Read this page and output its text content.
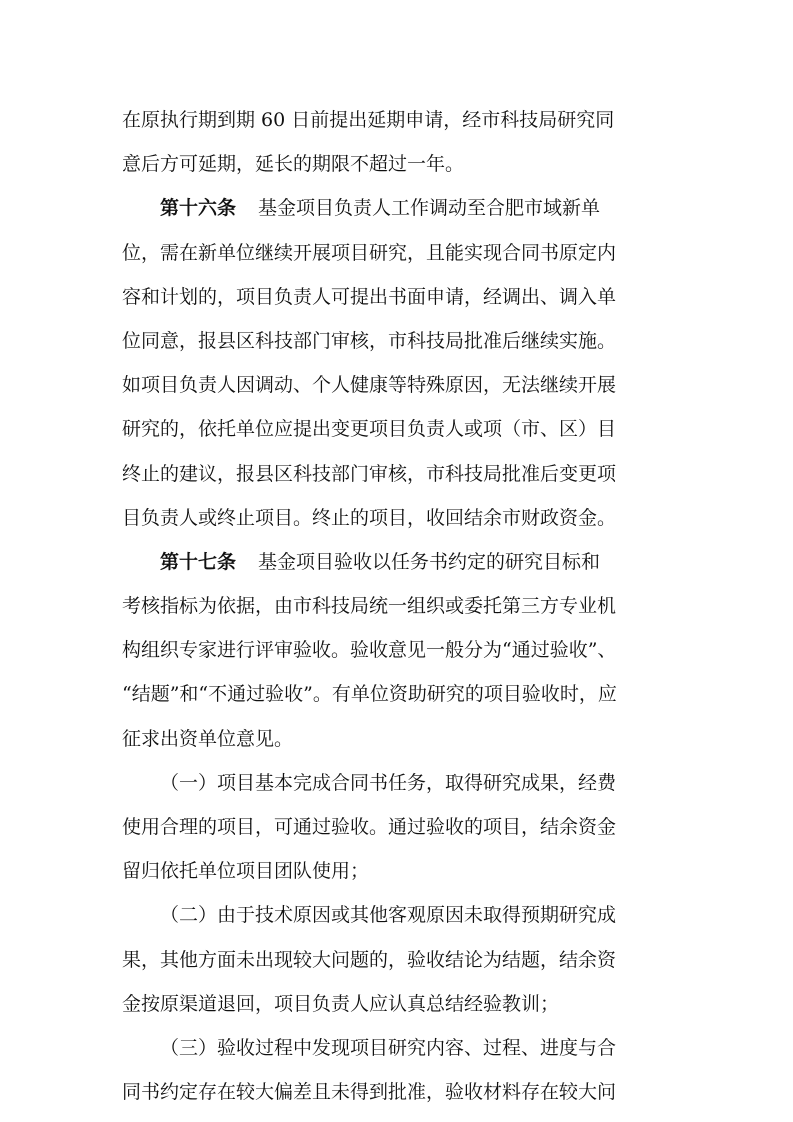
在原执行期到期 60 日前提出延期申请，经市科技局研究同
意后方可延期，延长的期限不超过一年。
第十六条 基金项目负责人工作调动至合肥市域新单
位，需在新单位继续开展项目研究，且能实现合同书原定内
容和计划的，项目负责人可提出书面申请，经调出、调入单
位同意，报县区科技部门审核，市科技局批准后继续实施。
如项目负责人因调动、个人健康等特殊原因，无法继续开展
研究的，依托单位应提出变更项目负责人或项（市、区）目
终止的建议，报县区科技部门审核，市科技局批准后变更项
目负责人或终止项目。终止的项目，收回结余市财政资金。
第十七条 基金项目验收以任务书约定的研究目标和
考核指标为依据，由市科技局统一组织或委托第三方专业机
构组织专家进行评审验收。验收意见一般分为“通过验收”、
“结题”和“不通过验收”。有单位资助研究的项目验收时，应
征求出资单位意见。
（一）项目基本完成合同书任务，取得研究成果，经费
使用合理的项目，可通过验收。通过验收的项目，结余资金
留归依托单位项目团队使用；
（二）由于技术原因或其他客观原因未取得预期研究成
果，其他方面未出现较大问题的，验收结论为结题，结余资
金按原渠道退回，项目负责人应认真总结经验教训；
（三）验收过程中发现项目研究内容、过程、进度与合
同书约定存在较大偏差且未得到批准，验收材料存在较大问
